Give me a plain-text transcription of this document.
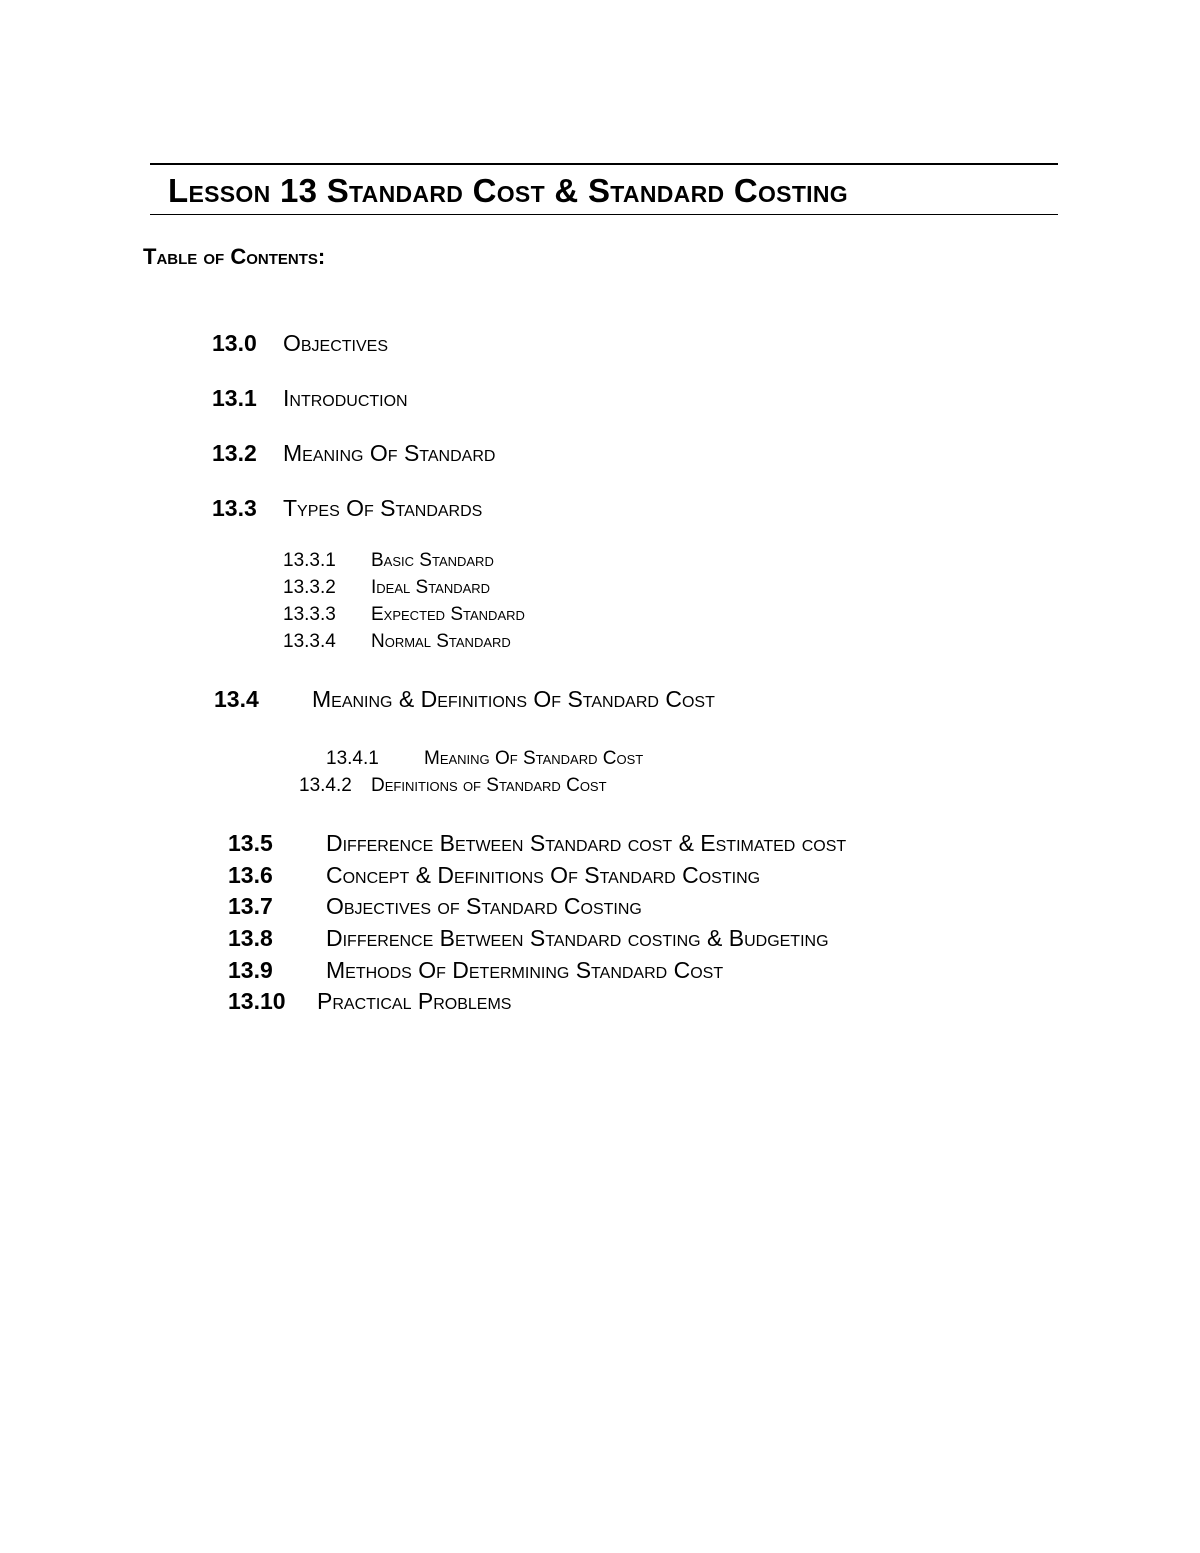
Lesson 13 Standard Cost & Standard Costing
Table of Contents:
13.0	Objectives
13.1 Introduction
13.2 Meaning Of Standard
13.3 Types Of Standards
13.3.1 Basic Standard
13.3.2 Ideal Standard
13.3.3 Expected Standard
13.3.4 Normal Standard
13.4 Meaning & Definitions Of Standard Cost
13.4.1 Meaning Of Standard Cost
13.4.2 Definitions of Standard Cost
13.5 Difference Between Standard cost & Estimated cost
13.6 Concept & Definitions Of Standard Costing
13.7 Objectives of Standard Costing
13.8 Difference Between Standard costing & Budgeting
13.9 Methods Of Determining Standard Cost
13.10 Practical Problems
